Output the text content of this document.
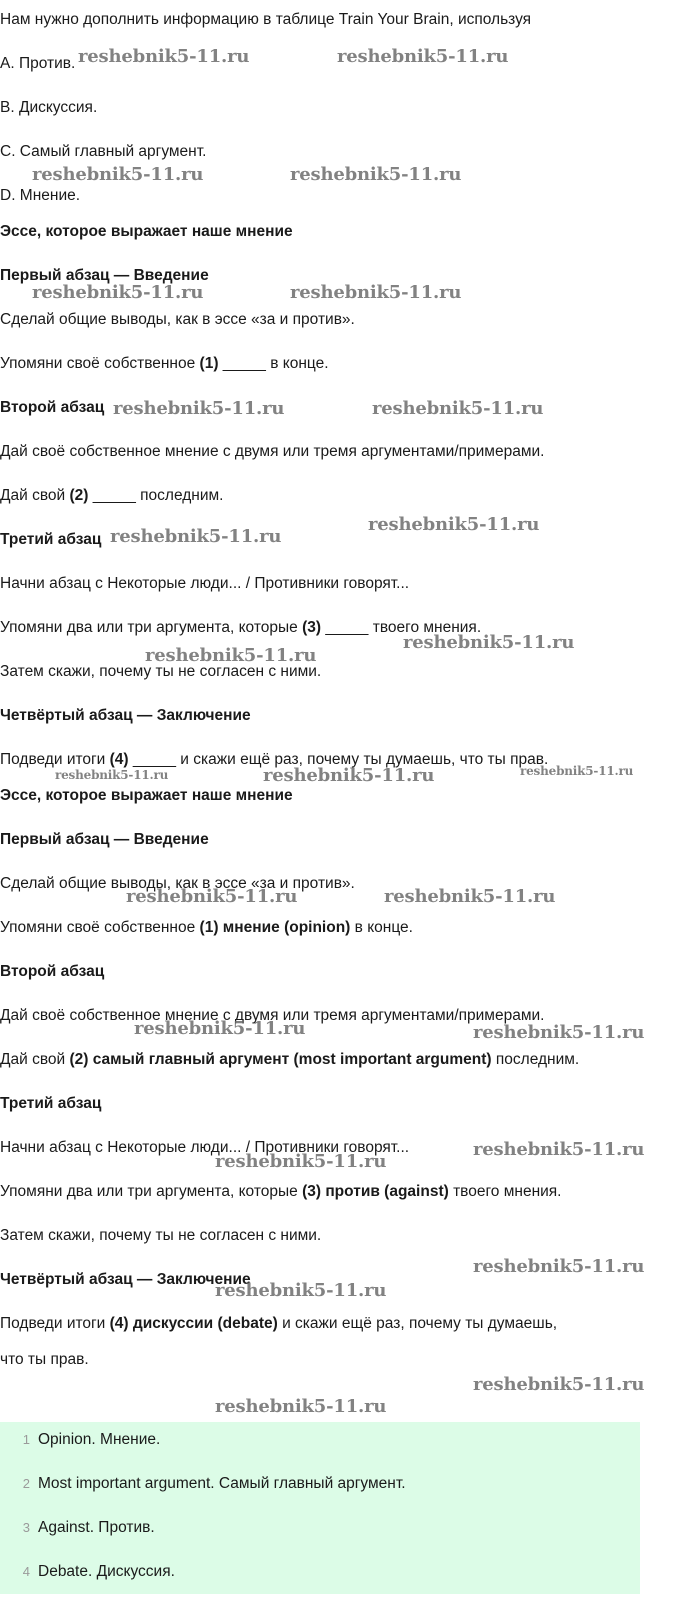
Нам нужно дополнить информацию в таблице Train Your Brain, используя
A. Против.
B. Дискуссия.
C. Самый главный аргумент.
D. Мнение.
Эссе, которое выражает наше мнение
Первый абзац — Введение
Сделай общие выводы, как в эссе «за и против».
Упомяни своё собственное (1) _____ в конце.
Второй абзац
Дай своё собственное мнение с двумя или тремя аргументами/примерами.
Дай свой (2) _____ последним.
Третий абзац
Начни абзац с Некоторые люди... / Противники говорят...
Упомяни два или три аргумента, которые (3) _____ твоего мнения.
Затем скажи, почему ты не согласен с ними.
Четвёртый абзац — Заключение
Подведи итоги (4) _____ и скажи ещё раз, почему ты думаешь, что ты прав.
Эссе, которое выражает наше мнение
Первый абзац — Введение
Сделай общие выводы, как в эссе «за и против».
Упомяни своё собственное (1) мнение (opinion) в конце.
Второй абзац
Дай своё собственное мнение с двумя или тремя аргументами/примерами.
Дай свой (2) самый главный аргумент (most important argument) последним.
Третий абзац
Начни абзац с Некоторые люди... / Противники говорят...
Упомяни два или три аргумента, которые (3) против (against) твоего мнения.
Затем скажи, почему ты не согласен с ними.
Четвёртый абзац — Заключение
Подведи итоги (4) дискуссии (debate) и скажи ещё раз, почему ты думаешь,
что ты прав.
1 Opinion. Мнение.
2 Most important argument. Самый главный аргумент.
3 Against. Против.
4 Debate. Дискуссия.
reshebnik5-11.ru	reshebnik5-11.ru
reshebnik5-11.ru	reshebnik5-11.ru
reshebnik5-11.ru	reshebnik5-11.ru
reshebnik5-11.ru	reshebnik5-11.ru
reshebnik5-11.ru
reshebnik5-11.ru
reshebnik5-11.ru
reshebnik5-11.ru
reshebnik5-11.ru	reshebnik5-11.ru	reshebnik5-11.ru
reshebnik5-11.ru	reshebnik5-11.ru
reshebnik5-11.ru	reshebnik5-11.ru
reshebnik5-11.ru
reshebnik5-11.ru
reshebnik5-11.ru
reshebnik5-11.ru
reshebnik5-11.ru
reshebnik5-11.ru
